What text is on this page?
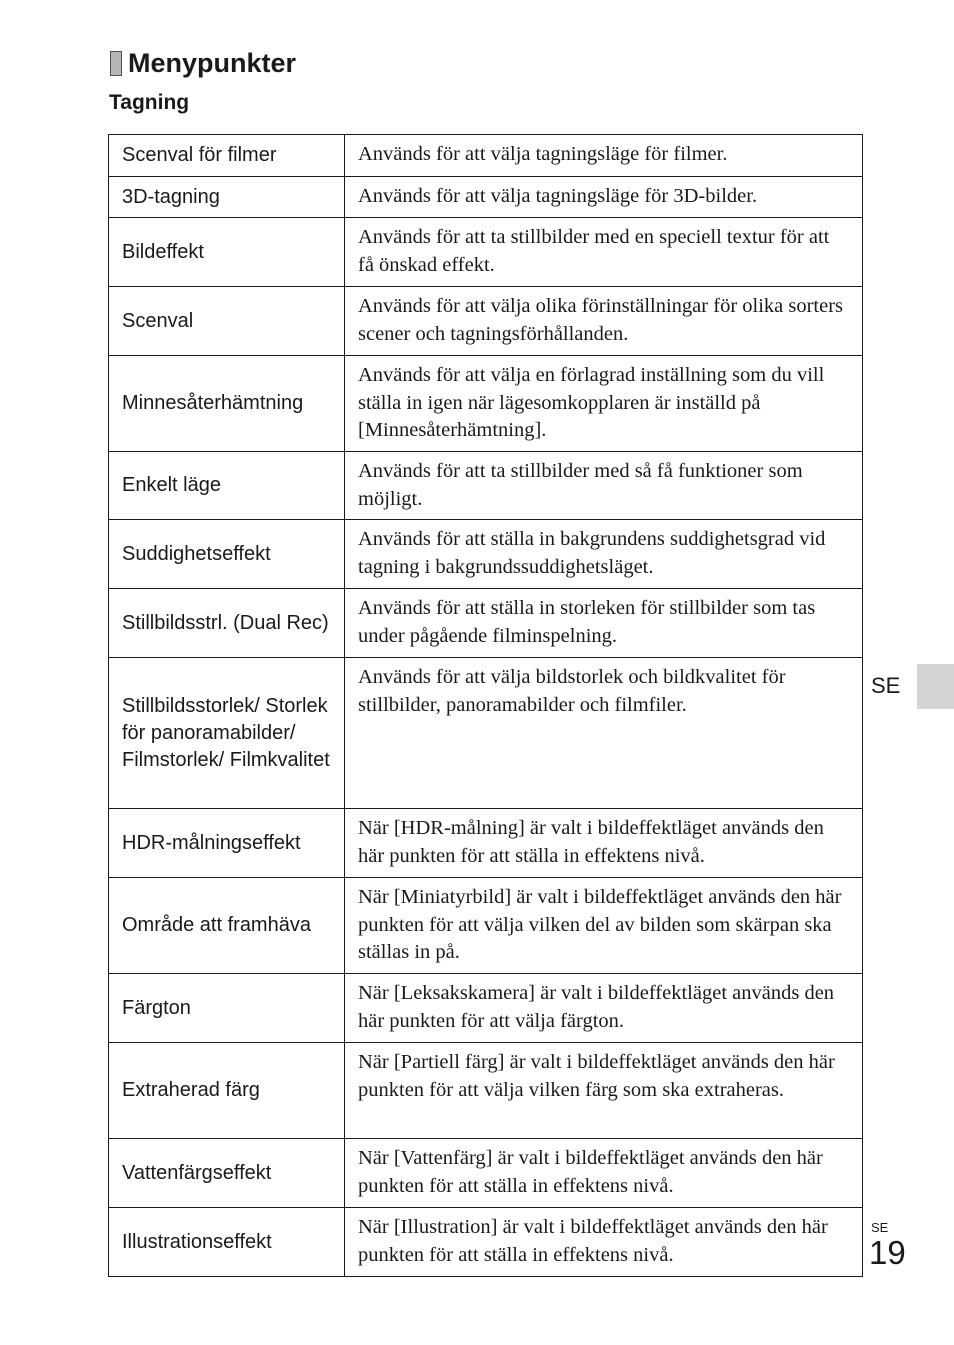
Menypunkter
Tagning
Scenval för filmer	Används för att välja tagningsläge för filmer.
3D-tagning	Används för att välja tagningsläge för 3D-bilder.
Bildeffekt	Används för att ta stillbilder med en speciell textur för att få önskad effekt.
Scenval	Används för att välja olika förinställningar för olika sorters scener och tagningsförhållanden.
Minnesåterhämtning	Används för att välja en förlagrad inställning som du vill ställa in igen när lägesomkopplaren är inställd på [Minnesåterhämtning].
Enkelt läge	Används för att ta stillbilder med så få funktioner som möjligt.
Suddighetseffekt	Används för att ställa in bakgrundens suddighetsgrad vid tagning i bakgrundssuddighetsläget.
Stillbildsstrl. (Dual Rec)	Används för att ställa in storleken för stillbilder som tas under pågående filminspelning.
Stillbildsstorlek/ Storlek för panoramabilder/ Filmstorlek/ Filmkvalitet	Används för att välja bildstorlek och bildkvalitet för stillbilder, panoramabilder och filmfiler.
HDR-målningseffekt	När [HDR-målning] är valt i bildeffektläget används den här punkten för att ställa in effektens nivå.
Område att framhäva	När [Miniatyrbild] är valt i bildeffektläget används den här punkten för att välja vilken del av bilden som skärpan ska ställas in på.
Färgton	När [Leksakskamera] är valt i bildeffektläget används den här punkten för att välja färgton.
Extraherad färg	När [Partiell färg] är valt i bildeffektläget används den här punkten för att välja vilken färg som ska extraheras.
Vattenfärgseffekt	När [Vattenfärg] är valt i bildeffektläget används den här punkten för att ställa in effektens nivå.
Illustrationseffekt	När [Illustration] är valt i bildeffektläget används den här punkten för att ställa in effektens nivå.
SE
SE
19
